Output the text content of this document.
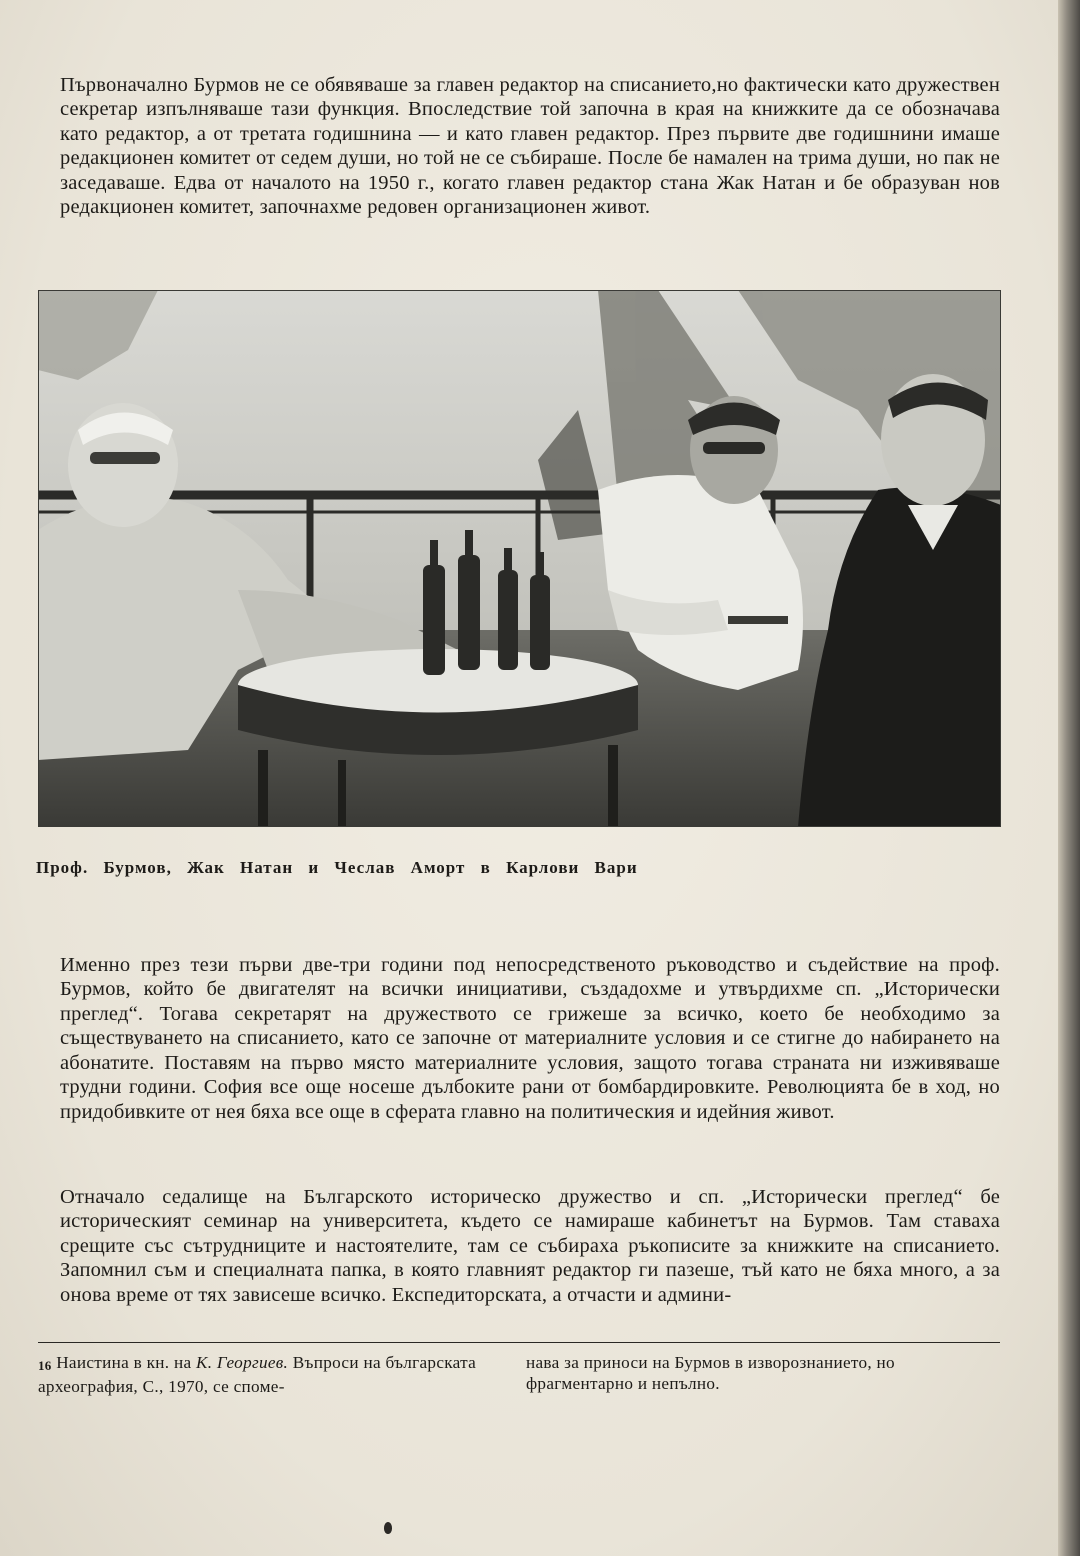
Първоначално Бурмов не се обявяваше за главен редактор на списанието,но фактически като дружествен секретар изпълняваше тази функция. Впоследствие той започна в края на книжките да се обозначава като редактор, а от третата годишнина — и като главен редактор. През първите две годишнини имаше редакционен комитет от седем души, но той не се събираше. После бе намален на трима души, но пак не заседаваше. Едва от началото на 1950 г., когато главен редактор стана Жак Натан и бе образуван нов редакционен комитет, започнахме редовен организационен живот.

Проф. Бурмов, Жак Натан и Чеслав Аморт в Карлови Вари

Именно през тези първи две-три години под непосредственото ръководство и съдействие на проф. Бурмов, който бе двигателят на всички инициативи, създадохме и утвърдихме сп. „Исторически преглед“. Тогава секретарят на дружеството се грижеше за всичко, което бе необходимо за съществуването на списанието, като се започне от материалните условия и се стигне до набирането на абонатите. Поставям на първо място материалните условия, защото тогава страната ни изживяваше трудни години. София все още носеше дълбоките рани от бомбардировките. Революцията бе в ход, но придобивките от нея бяха все още в сферата главно на политическия и идейния живот.

Отначало седалище на Българското историческо дружество и сп. „Исторически преглед“ бе историческият семинар на университета, където се намираше кабинетът на Бурмов. Там ставаха срещите със сътрудниците и настоятелите, там се събираха ръкописите за книжките на списанието. Запомнил съм и специалната папка, в която главният редактор ги пазеше, тъй като не бяха много, а за онова време от тях зависеше всичко. Експедиторската, а отчасти и админи-

16 Наистина в кн. на К. Георгиев. Въпроси на българската археография, С., 1970, се споме-
нава за приноси на Бурмов в изворознанието, но фрагментарно и непълно.
